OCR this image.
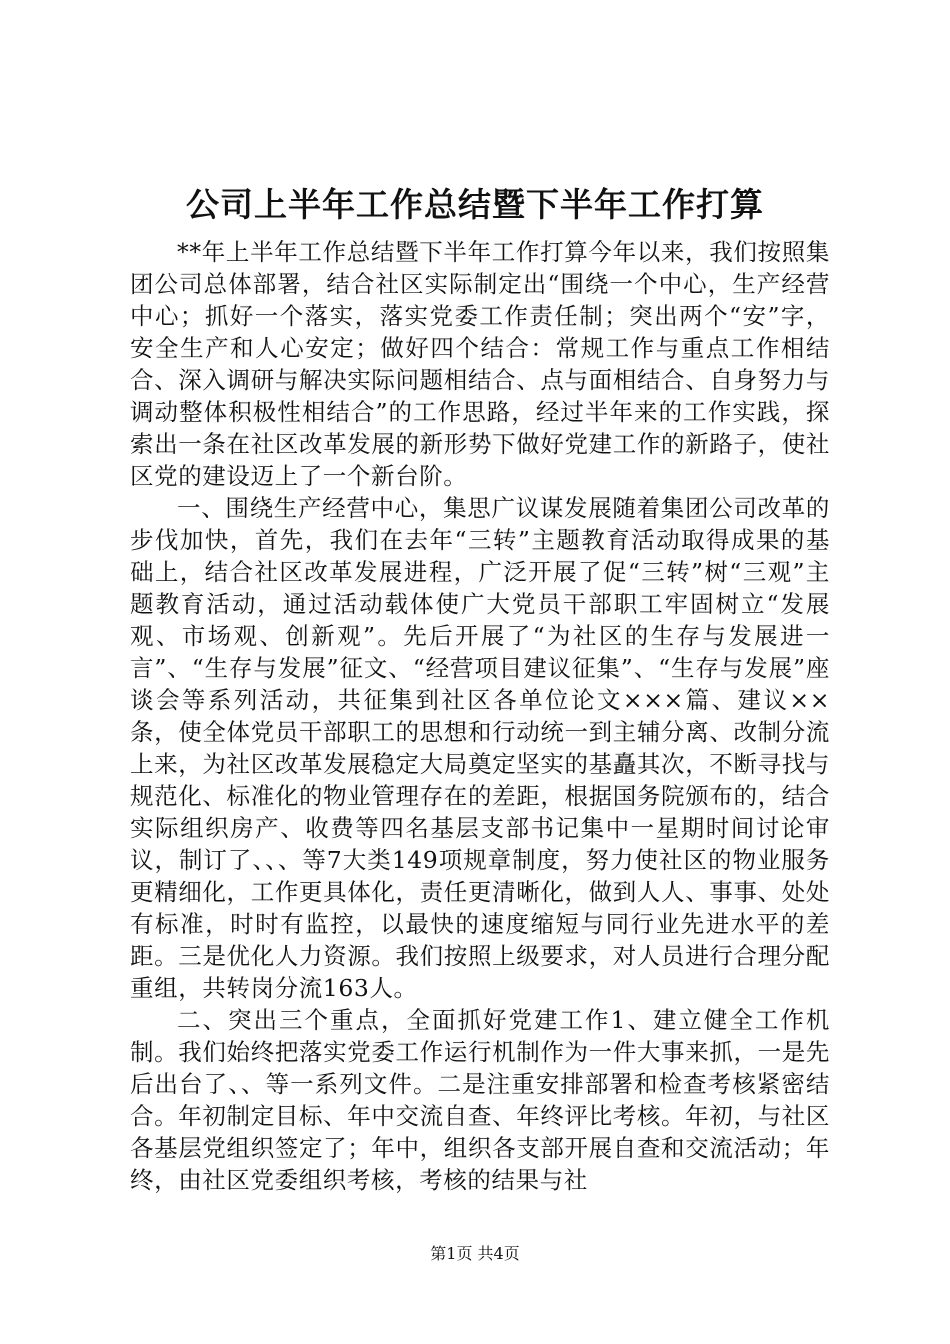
公司上半年工作总结暨下半年工作打算

**年上半年工作总结暨下半年工作打算今年以来，我们按照集团公司总体部署，结合社区实际制定出“围绕一个中心，生产经营中心；抓好一个落实，落实党委工作责任制；突出两个“安”字，安全生产和人心安定；做好四个结合：常规工作与重点工作相结合、深入调研与解决实际问题相结合、点与面相结合、自身努力与调动整体积极性相结合”的工作思路，经过半年来的工作实践，探索出一条在社区改革发展的新形势下做好党建工作的新路子，使社区党的建设迈上了一个新台阶。

一、围绕生产经营中心，集思广议谋发展随着集团公司改革的步伐加快，首先，我们在去年“三转”主题教育活动取得成果的基础上，结合社区改革发展进程，广泛开展了促“三转”树“三观”主题教育活动，通过活动载体使广大党员干部职工牢固树立“发展观、市场观、创新观”。先后开展了“为社区的生存与发展进一言”、“生存与发展”征文、“经营项目建议征集”、“生存与发展”座谈会等系列活动，共征集到社区各单位论文×××篇、建议××条，使全体党员干部职工的思想和行动统一到主辅分离、改制分流上来，为社区改革发展稳定大局奠定坚实的基矗其次，不断寻找与规范化、标准化的物业管理存在的差距，根据国务院颁布的，结合实际组织房产、收费等四名基层支部书记集中一星期时间讨论审议，制订了、、、等7大类149项规章制度，努力使社区的物业服务更精细化，工作更具体化，责任更清晰化，做到人人、事事、处处有标准，时时有监控，以最快的速度缩短与同行业先进水平的差距。三是优化人力资源。我们按照上级要求，对人员进行合理分配重组，共转岗分流163人。

二、突出三个重点，全面抓好党建工作1、建立健全工作机制。我们始终把落实党委工作运行机制作为一件大事来抓，一是先后出台了、、等一系列文件。二是注重安排部署和检查考核紧密结合。年初制定目标、年中交流自查、年终评比考核。年初，与社区各基层党组织签定了；年中，组织各支部开展自查和交流活动；年终，由社区党委组织考核，考核的结果与社

第1页 共4页
